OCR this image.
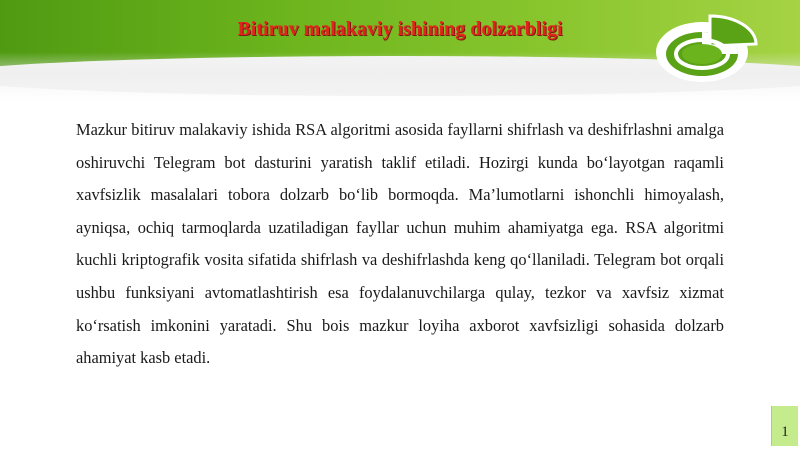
Bitiruv malakaviy ishining dolzarbligi

Mazkur bitiruv malakaviy ishida RSA algoritmi asosida fayllarni shifrlash va deshifrlashni amalga oshiruvchi Telegram bot dasturini yaratish taklif etiladi. Hozirgi kunda bo‘layotgan raqamli xavfsizlik masalalari tobora dolzarb bo‘lib bormoqda. Ma’lumotlarni ishonchli himoyalash, ayniqsa, ochiq tarmoqlarda uzatiladigan fayllar uchun muhim ahamiyatga ega. RSA algoritmi kuchli kriptografik vosita sifatida shifrlash va deshifrlashda keng qo‘llaniladi. Telegram bot orqali ushbu funksiyani avtomatlashtirish esa foydalanuvchilarga qulay, tezkor va xavfsiz xizmat ko‘rsatish imkonini yaratadi. Shu bois mazkur loyiha axborot xavfsizligi sohasida dolzarb ahamiyat kasb etadi.

1
